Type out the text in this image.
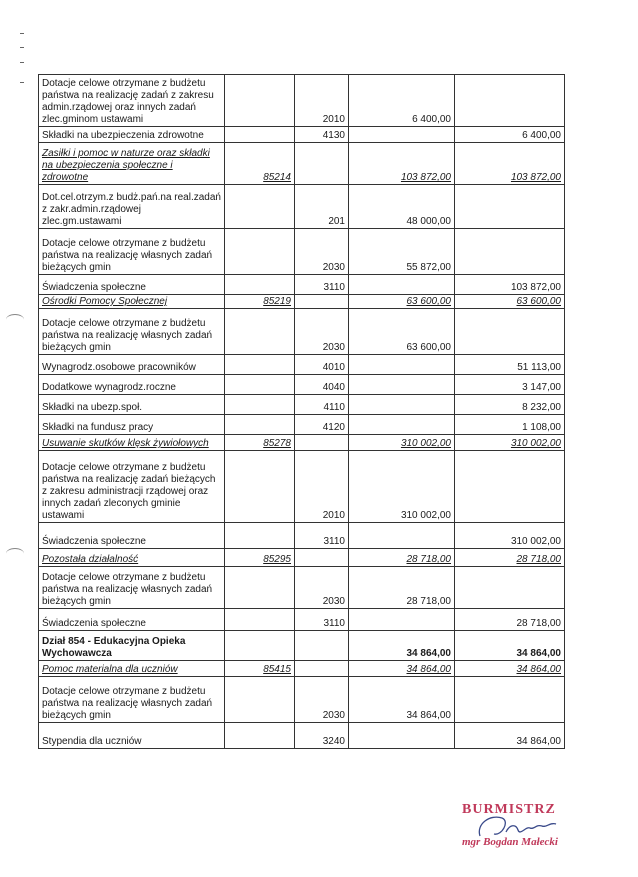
Dotacje celowe otrzymane z budżetu państwa na realizację zadań z zakresu admin.rządowej oraz innych zadań zlec.gminom ustawami		2010	6 400,00	
Składki na ubezpieczenia zdrowotne		4130		6 400,00
Zasiłki i pomoc w naturze oraz składki na ubezpieczenia społeczne i zdrowotne	85214		103 872,00	103 872,00
Dot.cel.otrzym.z budż.pań.na real.zadań z zakr.admin.rządowej zlec.gm.ustawami		201	48 000,00	
Dotacje celowe otrzymane z budżetu państwa na realizację własnych zadań bieżących gmin		2030	55 872,00	
Świadczenia społeczne		3110		103 872,00
Ośrodki Pomocy Społecznej	85219		63 600,00	63 600,00
Dotacje celowe otrzymane z budżetu państwa na realizację własnych zadań bieżących gmin		2030	63 600,00	
Wynagrodz.osobowe pracowników		4010		51 113,00
Dodatkowe wynagrodz.roczne		4040		3 147,00
Składki na ubezp.społ.		4110		8 232,00
Składki na fundusz pracy		4120		1 108,00
Usuwanie skutków klęsk żywiołowych	85278		310 002,00	310 002,00
Dotacje celowe otrzymane z budżetu państwa na realizację zadań bieżących z zakresu administracji rządowej oraz innych zadań zleconych gminie ustawami		2010	310 002,00	
Świadczenia społeczne		3110		310 002,00
Pozostała działalność	85295		28 718,00	28 718,00
Dotacje celowe otrzymane z budżetu państwa na realizację własnych zadań bieżących gmin		2030	28 718,00	
Świadczenia społeczne		3110		28 718,00
Dział 854 - Edukacyjna Opieka Wychowawcza			34 864,00	34 864,00
Pomoc materialna dla uczniów	85415		34 864,00	34 864,00
Dotacje celowe otrzymane z budżetu państwa na realizację własnych zadań bieżących gmin		2030	34 864,00	
Stypendia dla uczniów		3240		34 864,00
BURMISTRZ
mgr Bogdan Małecki
